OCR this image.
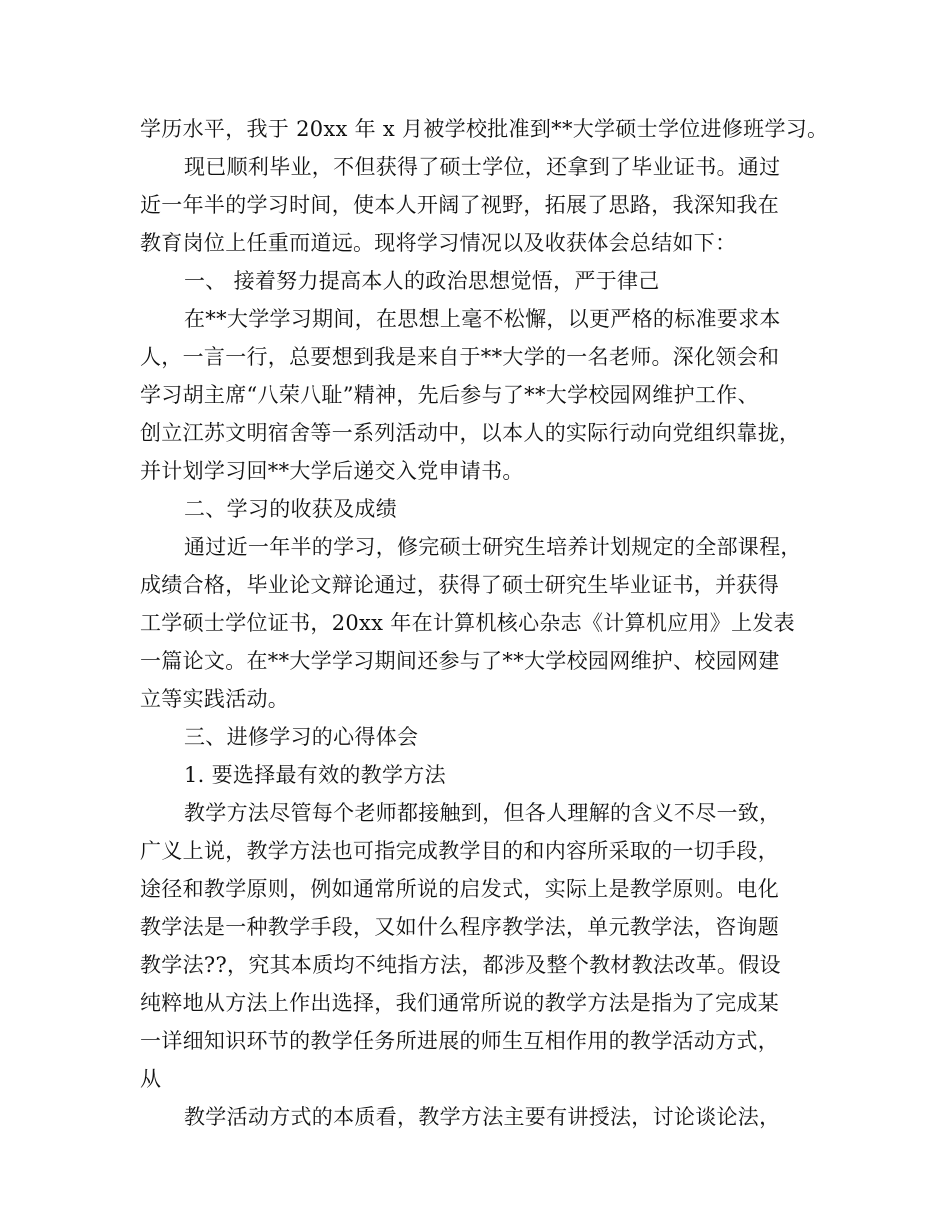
学历水平，我于 20xx 年 x 月被学校批准到**大学硕士学位进修班学习。
现已顺利毕业，不但获得了硕士学位，还拿到了毕业证书。通过
近一年半的学习时间，使本人开阔了视野，拓展了思路，我深知我在
教育岗位上任重而道远。现将学习情况以及收获体会总结如下：
一、 接着努力提高本人的政治思想觉悟，严于律己
在**大学学习期间，在思想上毫不松懈，以更严格的标准要求本
人，一言一行，总要想到我是来自于**大学的一名老师。深化领会和
学习胡主席“八荣八耻”精神，先后参与了**大学校园网维护工作、
创立江苏文明宿舍等一系列活动中，以本人的实际行动向党组织靠拢，
并计划学习回**大学后递交入党申请书。
二、学习的收获及成绩
通过近一年半的学习，修完硕士研究生培养计划规定的全部课程，
成绩合格，毕业论文辩论通过，获得了硕士研究生毕业证书，并获得
工学硕士学位证书，20xx 年在计算机核心杂志《计算机应用》上发表
一篇论文。在**大学学习期间还参与了**大学校园网维护、校园网建
立等实践活动。
三、进修学习的心得体会
1. 要选择最有效的教学方法
教学方法尽管每个老师都接触到，但各人理解的含义不尽一致，
广义上说，教学方法也可指完成教学目的和内容所采取的一切手段，
途径和教学原则，例如通常所说的启发式，实际上是教学原则。电化
教学法是一种教学手段，又如什么程序教学法，单元教学法，咨询题
教学法??，究其本质均不纯指方法，都涉及整个教材教法改革。假设
纯粹地从方法上作出选择，我们通常所说的教学方法是指为了完成某
一详细知识环节的教学任务所进展的师生互相作用的教学活动方式，
从
教学活动方式的本质看，教学方法主要有讲授法，讨论谈论法，
